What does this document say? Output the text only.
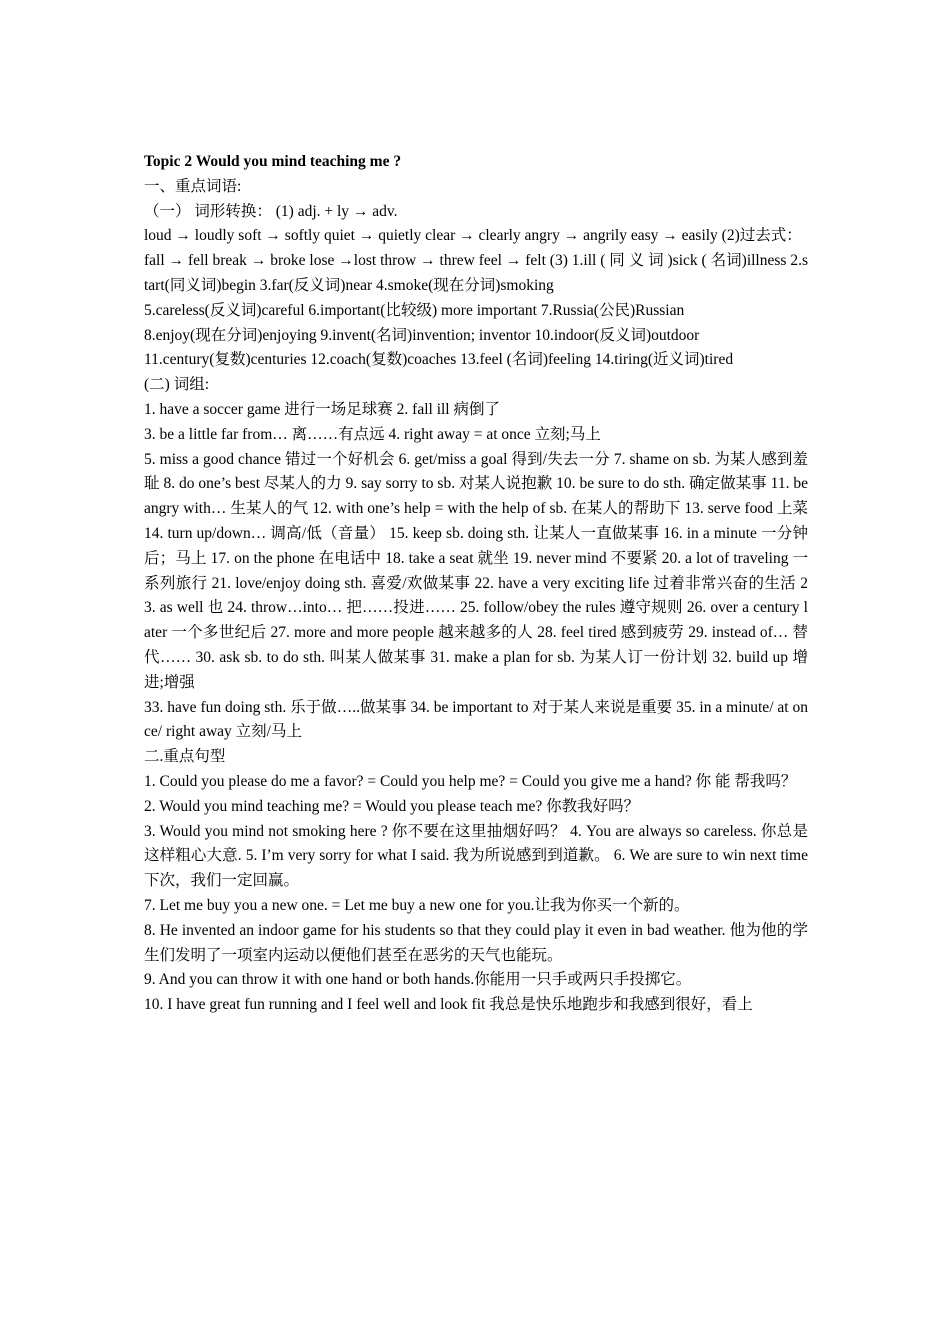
Topic 2 Would you mind teaching me ?
一、重点词语:
（一） 词形转换： (1) adj. + ly → adv.
loud → loudly soft → softly quiet → quietly clear → clearly angry → angrily easy → easily (2)过去式：
fall → fell break → broke lose →lost throw → threw feel → felt (3) 1.ill ( 同 义 词 )sick ( 名词)illness 2.start(同义词)begin 3.far(反义词)near 4.smoke(现在分词)smoking
5.careless(反义词)careful 6.important(比较级) more important 7.Russia(公民)Russian
8.enjoy(现在分词)enjoying 9.invent(名词)invention; inventor 10.indoor(反义词)outdoor
11.century(复数)centuries 12.coach(复数)coaches 13.feel (名词)feeling 14.tiring(近义词)tired
(二) 词组:
1. have a soccer game 进行一场足球赛 2. fall ill 病倒了
3. be a little far from… 离……有点远 4. right away = at once 立刻;马上
5. miss a good chance 错过一个好机会 6. get/miss a goal 得到/失去一分 7. shame on sb. 为某人感到羞耻 8. do one’s best 尽某人的力 9. say sorry to sb. 对某人说抱歉 10. be sure to do sth. 确定做某事 11. be angry with… 生某人的气 12. with one’s help = with the help of sb. 在某人的帮助下 13. serve food 上菜 14. turn up/down… 调高/低（音量） 15. keep sb. doing sth. 让某人一直做某事 16. in a minute 一分钟后；马上 17. on the phone 在电话中 18. take a seat 就坐 19. never mind 不要紧 20. a lot of traveling 一系列旅行 21. love/enjoy doing sth. 喜爱/欢做某事 22. have a very exciting life 过着非常兴奋的生活 23. as well 也 24. throw…into… 把……投进…… 25. follow/obey the rules 遵守规则 26. over a century later 一个多世纪后 27. more and more people 越来越多的人 28. feel tired 感到疲劳 29. instead of… 替代…… 30. ask sb. to do sth. 叫某人做某事 31. make a plan for sb. 为某人订一份计划 32. build up 增进;增强
33. have fun doing sth. 乐于做…..做某事 34. be important to 对于某人来说是重要 35. in a minute/ at once/ right away 立刻/马上
二.重点句型
1. Could you please do me a favor? = Could you help me? = Could you give me a hand? 你 能 帮我吗？
2. Would you mind teaching me? = Would you please teach me? 你教我好吗？
3. Would you mind not smoking here ? 你不要在这里抽烟好吗？ 4. You are always so careless. 你总是这样粗心大意. 5. I’m very sorry for what I said. 我为所说感到到道歉。 6. We are sure to win next time 下次，我们一定回赢。
7. Let me buy you a new one. = Let me buy a new one for you.让我为你买一个新的。
8. He invented an indoor game for his students so that they could play it even in bad weather. 他为他的学生们发明了一项室内运动以便他们甚至在恶劣的天气也能玩。
9. And you can throw it with one hand or both hands.你能用一只手或两只手投掷它。
10. I have great fun running and I feel well and look fit 我总是快乐地跑步和我感到很好，看上
